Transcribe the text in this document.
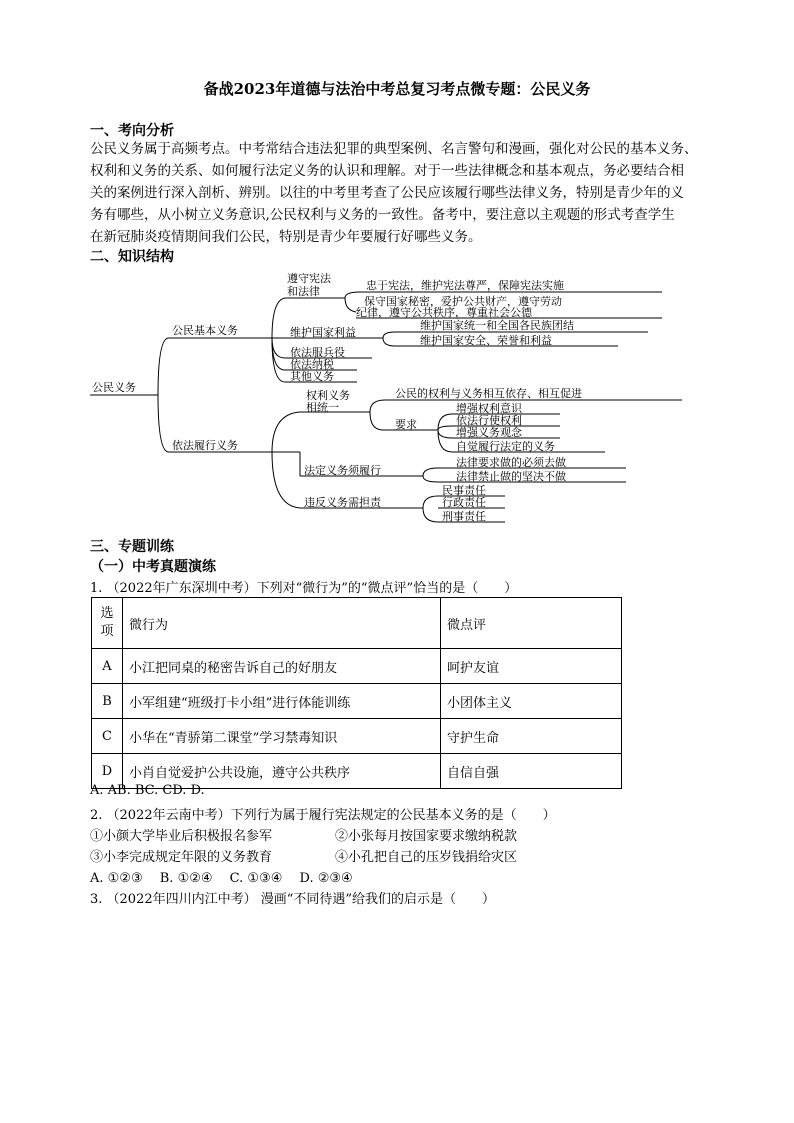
备战2023年道德与法治中考总复习考点微专题：公民义务
一、考向分析
公民义务属于高频考点。中考常结合违法犯罪的典型案例、名言警句和漫画，强化对公民的基本义务、
权利和义务的关系、如何履行法定义务的认识和理解。对于一些法律概念和基本观点，务必要结合相
关的案例进行深入剖析、辨别。以往的中考里考查了公民应该履行哪些法律义务，特别是青少年的义
务有哪些，从小树立义务意识,公民权利与义务的一致性。备考中，要注意以主观题的形式考查学生
在新冠肺炎疫情期间我们公民，特别是青少年要履行好哪些义务。
二、知识结构
公民义务
公民基本义务
遵守宪法
和法律	忠于宪法，维护宪法尊严，保障宪法实施
保守国家秘密，爱护公共财产，遵守劳动
纪律，遵守公共秩序，尊重社会公德
维护国家利益
维护国家统一和全国各民族团结
维护国家安全、荣誉和利益
依法服兵役
依法纳税
其他义务
依法履行义务
权利义务
相统一
公民的权利与义务相互依存、相互促进
要求
增强权利意识
依法行使权利
增强义务观念
自觉履行法定的义务
法定义务须履行
法律要求做的必须去做
法律禁止做的坚决不做
违反义务需担责
民事责任
行政责任
刑事责任
三、专题训练
（一）中考真题演练
1. （2022年广东深圳中考）下列对“微行为”的“微点评”恰当的是（　　）
选
项	微行为	微点评
A	小江把同桌的秘密告诉自己的好朋友	呵护友谊
B	小军组建“班级打卡小组”进行体能训练	小团体主义
C	小华在“青骄第二课堂”学习禁毒知识	守护生命
D	小肖自觉爱护公共设施，遵守公共秩序	自信自强
A. AB. BC. CD. D.
2. （2022年云南中考）下列行为属于履行宪法规定的公民基本义务的是（　　）
①小颜大学毕业后积极报名参军	②小张每月按国家要求缴纳税款
③小李完成规定年限的义务教育	④小孔把自己的压岁钱捐给灾区
A. ①②③　 B. ①②④　 C. ①③④　 D. ②③④
3. （2022年四川内江中考） 漫画“不同待遇”给我们的启示是（　　）
